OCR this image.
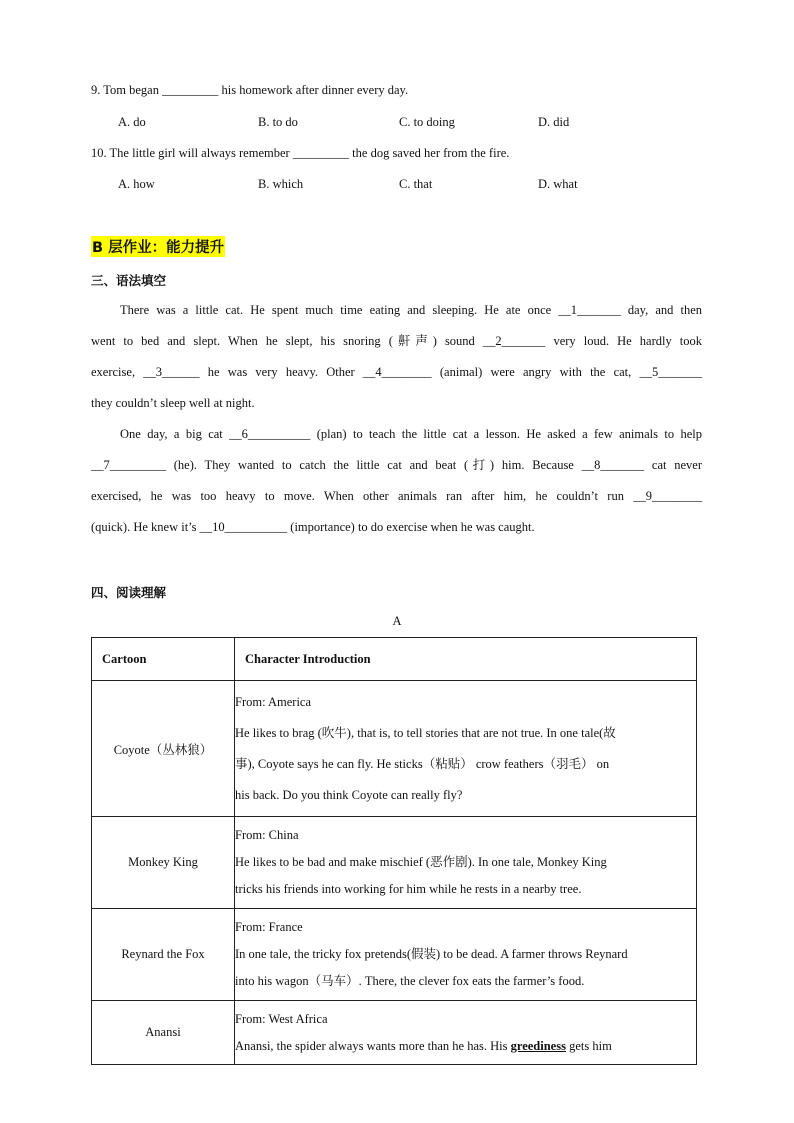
9. Tom began _________ his homework after dinner every day.
A. do	B. to do	C. to doing	D. did
10. The little girl will always remember _________ the dog saved her from the fire.
A. how	B. which	C. that	D. what
B 层作业：能力提升
三、语法填空
There was a little cat. He spent much time eating and sleeping. He ate once __1_______ day, and then
went to bed and slept. When he slept, his snoring (鼾声) sound __2_______ very loud. He hardly took
exercise, __3______ he was very heavy. Other __4________ (animal) were angry with the cat, __5_______
they couldn’t sleep well at night.
One day, a big cat __6__________ (plan) to teach the little cat a lesson. He asked a few animals to help
__7_________ (he). They wanted to catch the little cat and beat (打) him. Because __8_______ cat never
exercised, he was too heavy to move. When other animals ran after him, he couldn’t run __9________
(quick). He knew it’s __10__________ (importance) to do exercise when he was caught.
四、阅读理解
A
Cartoon	Character Introduction
Coyote（丛林狼）	From: America
He likes to brag (吹牛), that is, to tell stories that are not true. In one tale(故
事), Coyote says he can fly. He sticks（粘贴） crow feathers（羽毛） on
his back. Do you think Coyote can really fly?

Monkey King	From: China
He likes to be bad and make mischief (恶作剧). In one tale, Monkey King
tricks his friends into working for him while he rests in a nearby tree.

Reynard the Fox	From: France
In one tale, the tricky fox pretends(假装) to be dead. A farmer throws Reynard
into his wagon（马车）. There, the clever fox eats the farmer’s food.

Anansi	From: West Africa
Anansi, the spider always wants more than he has. His greediness gets him
